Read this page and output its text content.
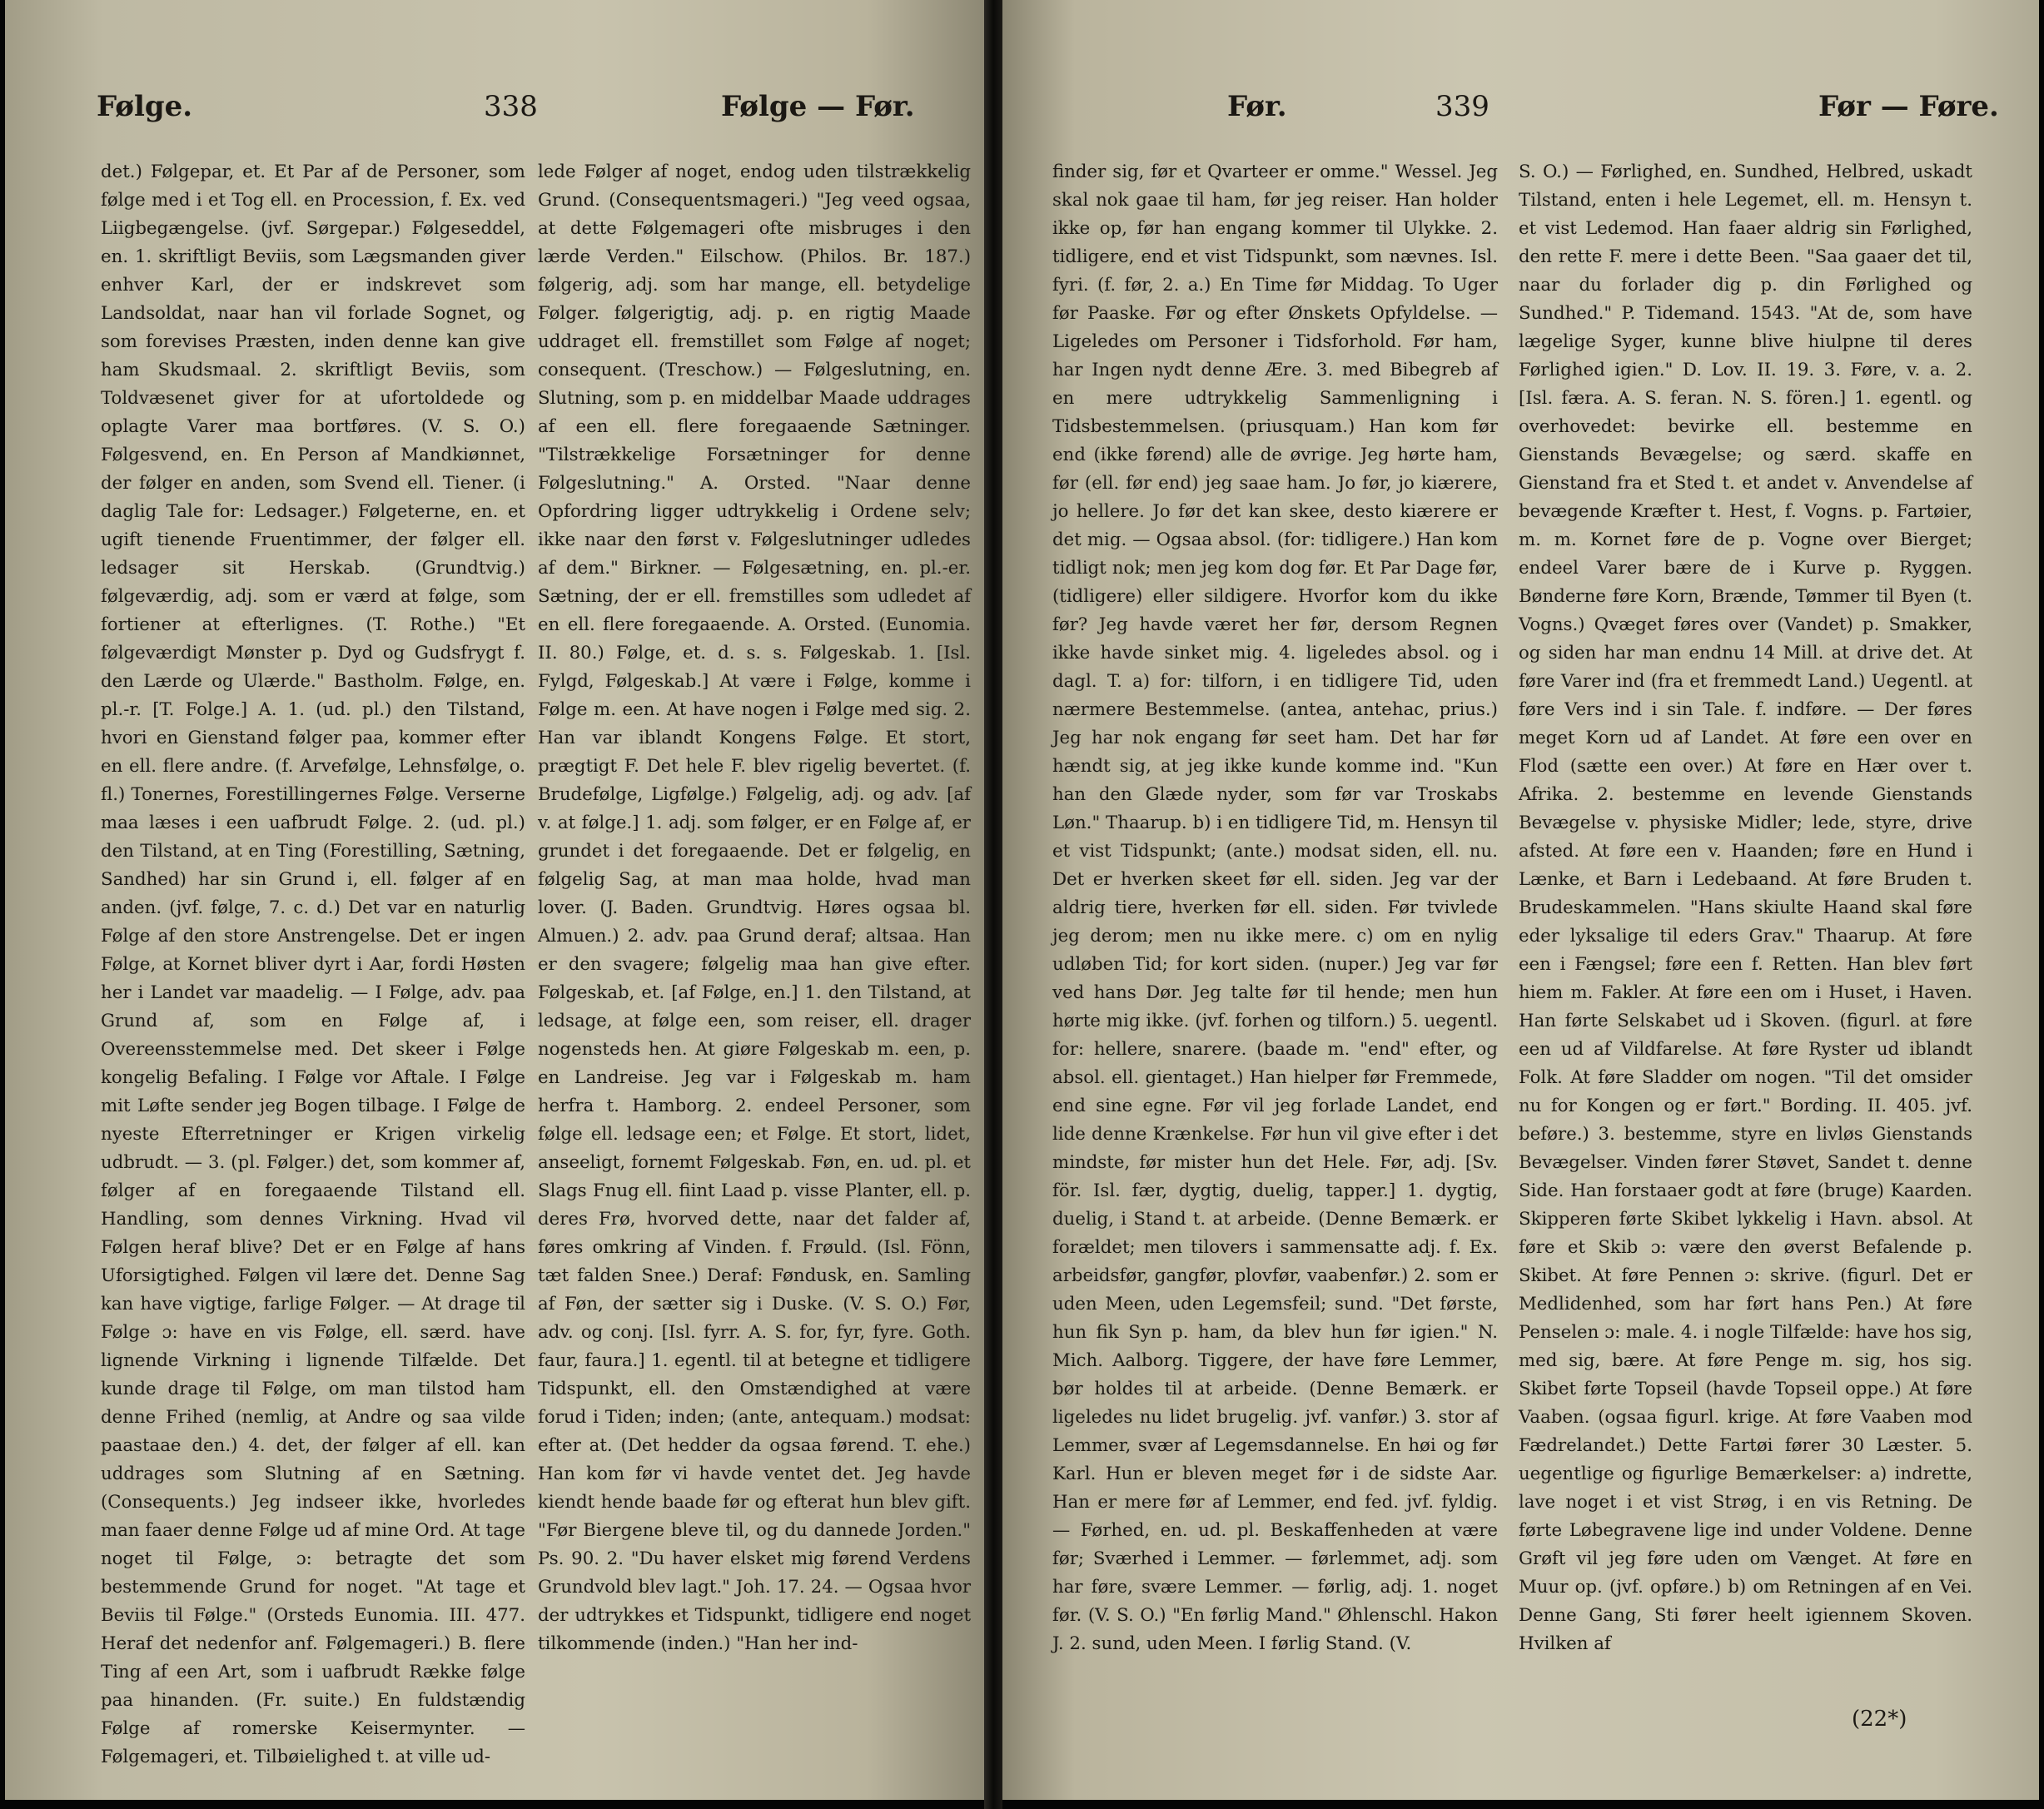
Følge.	338	Følge — Før.

det.) Følgepar, et. Et Par af de Personer, som følge med i et Tog ell. en Procession, f. Ex. ved Liigbegængelse. (jvf. Sørgepar.) Følgeseddel, en. 1. skriftligt Beviis, som Lægsmanden giver enhver Karl, der er indskrevet som Landsoldat, naar han vil forlade Sognet, og som forevises Præsten, inden denne kan give ham Skudsmaal. 2. skriftligt Beviis, som Toldvæsenet giver for at ufortoldede og oplagte Varer maa bortføres. (V. S. O.) Følgesvend, en. En Person af Mandkiønnet, der følger en anden, som Svend ell. Tiener. (i daglig Tale for: Ledsager.) Følgeterne, en. et ugift tienende Fruentimmer, der følger ell. ledsager sit Herskab. (Grundtvig.) følgeværdig, adj. som er værd at følge, som fortiener at efterlignes. (T. Rothe.) "Et følgeværdigt Mønster p. Dyd og Gudsfrygt f. den Lærde og Ulærde." Bastholm. Følge, en. pl.-r. [T. Folge.] A. 1. (ud. pl.) den Tilstand, hvori en Gienstand følger paa, kommer efter en ell. flere andre. (f. Arvefølge, Lehnsfølge, o. fl.) Tonernes, Forestillingernes Følge. Verserne maa læses i een uafbrudt Følge. 2. (ud. pl.) den Tilstand, at en Ting (Forestilling, Sætning, Sandhed) har sin Grund i, ell. følger af en anden. (jvf. følge, 7. c. d.) Det var en naturlig Følge af den store Anstrengelse. Det er ingen Følge, at Kornet bliver dyrt i Aar, fordi Høsten her i Landet var maadelig. — I Følge, adv. paa Grund af, som en Følge af, i Overeensstemmelse med. Det skeer i Følge kongelig Befaling. I Følge vor Aftale. I Følge mit Løfte sender jeg Bogen tilbage. I Følge de nyeste Efterretninger er Krigen virkelig udbrudt. — 3. (pl. Følger.) det, som kommer af, følger af en foregaaende Tilstand ell. Handling, som dennes Virkning. Hvad vil Følgen heraf blive? Det er en Følge af hans Uforsigtighed. Følgen vil lære det. Denne Sag kan have vigtige, farlige Følger. — At drage til Følge ɔ: have en vis Følge, ell. særd. have lignende Virkning i lignende Tilfælde. Det kunde drage til Følge, om man tilstod ham denne Frihed (nemlig, at Andre og saa vilde paastaae den.) 4. det, der følger af ell. kan uddrages som Slutning af en Sætning. (Consequents.) Jeg indseer ikke, hvorledes man faaer denne Følge ud af mine Ord. At tage noget til Følge, ɔ: betragte det som bestemmende Grund for noget. "At tage et Beviis til Følge." (Orsteds Eunomia. III. 477. Heraf det nedenfor anf. Følgemageri.) B. flere Ting af een Art, som i uafbrudt Række følge paa hinanden. (Fr. suite.) En fuldstændig Følge af romerske Keisermynter. — Følgemageri, et. Tilbøielighed t. at ville ud-

lede Følger af noget, endog uden tilstrækkelig Grund. (Consequentsmageri.) "Jeg veed ogsaa, at dette Følgemageri ofte misbruges i den lærde Verden." Eilschow. (Philos. Br. 187.) følgerig, adj. som har mange, ell. betydelige Følger. følgerigtig, adj. p. en rigtig Maade uddraget ell. fremstillet som Følge af noget; consequent. (Treschow.) — Følgeslutning, en. Slutning, som p. en middelbar Maade uddrages af een ell. flere foregaaende Sætninger. "Tilstrækkelige Forsætninger for denne Følgeslutning." A. Orsted. "Naar denne Opfordring ligger udtrykkelig i Ordene selv; ikke naar den først v. Følgeslutninger udledes af dem." Birkner. — Følgesætning, en. pl.-er. Sætning, der er ell. fremstilles som udledet af en ell. flere foregaaende. A. Orsted. (Eunomia. II. 80.) Følge, et. d. s. s. Følgeskab. 1. [Isl. Fylgd, Følgeskab.] At være i Følge, komme i Følge m. een. At have nogen i Følge med sig. 2. Han var iblandt Kongens Følge. Et stort, prægtigt F. Det hele F. blev rigelig bevertet. (f. Brudefølge, Ligfølge.) Følgelig, adj. og adv. [af v. at følge.] 1. adj. som følger, er en Følge af, er grundet i det foregaaende. Det er følgelig, en følgelig Sag, at man maa holde, hvad man lover. (J. Baden. Grundtvig. Høres ogsaa bl. Almuen.) 2. adv. paa Grund deraf; altsaa. Han er den svagere; følgelig maa han give efter. Følgeskab, et. [af Følge, en.] 1. den Tilstand, at ledsage, at følge een, som reiser, ell. drager nogensteds hen. At giøre Følgeskab m. een, p. en Landreise. Jeg var i Følgeskab m. ham herfra t. Hamborg. 2. endeel Personer, som følge ell. ledsage een; et Følge. Et stort, lidet, anseeligt, fornemt Følgeskab. Føn, en. ud. pl. et Slags Fnug ell. fiint Laad p. visse Planter, ell. p. deres Frø, hvorved dette, naar det falder af, føres omkring af Vinden. f. Frøuld. (Isl. Fönn, tæt falden Snee.) Deraf: Føndusk, en. Samling af Føn, der sætter sig i Duske. (V. S. O.) Før, adv. og conj. [Isl. fyrr. A. S. for, fyr, fyre. Goth. faur, faura.] 1. egentl. til at betegne et tidligere Tidspunkt, ell. den Omstændighed at være forud i Tiden; inden; (ante, antequam.) modsat: efter at. (Det hedder da ogsaa førend. T. ehe.) Han kom før vi havde ventet det. Jeg havde kiendt hende baade før og efterat hun blev gift. "Før Biergene bleve til, og du dannede Jorden." Ps. 90. 2. "Du haver elsket mig førend Verdens Grundvold blev lagt." Joh. 17. 24. — Ogsaa hvor der udtrykkes et Tidspunkt, tidligere end noget tilkommende (inden.) "Han her ind-

Før.	339	Før — Føre.

finder sig, før et Qvarteer er omme." Wessel. Jeg skal nok gaae til ham, før jeg reiser. Han holder ikke op, før han engang kommer til Ulykke. 2. tidligere, end et vist Tidspunkt, som nævnes. Isl. fyri. (f. før, 2. a.) En Time før Middag. To Uger før Paaske. Før og efter Ønskets Opfyldelse. — Ligeledes om Personer i Tidsforhold. Før ham, har Ingen nydt denne Ære. 3. med Bibegreb af en mere udtrykkelig Sammenligning i Tidsbestemmelsen. (priusquam.) Han kom før end (ikke førend) alle de øvrige. Jeg hørte ham, før (ell. før end) jeg saae ham. Jo før, jo kiærere, jo hellere. Jo før det kan skee, desto kiærere er det mig. — Ogsaa absol. (for: tidligere.) Han kom tidligt nok; men jeg kom dog før. Et Par Dage før, (tidligere) eller sildigere. Hvorfor kom du ikke før? Jeg havde været her før, dersom Regnen ikke havde sinket mig. 4. ligeledes absol. og i dagl. T. a) for: tilforn, i en tidligere Tid, uden nærmere Bestemmelse. (antea, antehac, prius.) Jeg har nok engang før seet ham. Det har før hændt sig, at jeg ikke kunde komme ind. "Kun han den Glæde nyder, som før var Troskabs Løn." Thaarup. b) i en tidligere Tid, m. Hensyn til et vist Tidspunkt; (ante.) modsat siden, ell. nu. Det er hverken skeet før ell. siden. Jeg var der aldrig tiere, hverken før ell. siden. Før tvivlede jeg derom; men nu ikke mere. c) om en nylig udløben Tid; for kort siden. (nuper.) Jeg var før ved hans Dør. Jeg talte før til hende; men hun hørte mig ikke. (jvf. forhen og tilforn.) 5. uegentl. for: hellere, snarere. (baade m. "end" efter, og absol. ell. gientaget.) Han hielper før Fremmede, end sine egne. Før vil jeg forlade Landet, end lide denne Krænkelse. Før hun vil give efter i det mindste, før mister hun det Hele. Før, adj. [Sv. för. Isl. fær, dygtig, duelig, tapper.] 1. dygtig, duelig, i Stand t. at arbeide. (Denne Bemærk. er forældet; men tilovers i sammensatte adj. f. Ex. arbeidsfør, gangfør, plovfør, vaabenfør.) 2. som er uden Meen, uden Legemsfeil; sund. "Det første, hun fik Syn p. ham, da blev hun før igien." N. Mich. Aalborg. Tiggere, der have føre Lemmer, bør holdes til at arbeide. (Denne Bemærk. er ligeledes nu lidet brugelig. jvf. vanfør.) 3. stor af Lemmer, svær af Legemsdannelse. En høi og før Karl. Hun er bleven meget før i de sidste Aar. Han er mere før af Lemmer, end fed. jvf. fyldig. — Førhed, en. ud. pl. Beskaffenheden at være før; Sværhed i Lemmer. — førlemmet, adj. som har føre, svære Lemmer. — førlig, adj. 1. noget før. (V. S. O.) "En førlig Mand." Øhlenschl. Hakon J. 2. sund, uden Meen. I førlig Stand. (V.

S. O.) — Førlighed, en. Sundhed, Helbred, uskadt Tilstand, enten i hele Legemet, ell. m. Hensyn t. et vist Ledemod. Han faaer aldrig sin Førlighed, den rette F. mere i dette Been. "Saa gaaer det til, naar du forlader dig p. din Førlighed og Sundhed." P. Tidemand. 1543. "At de, som have lægelige Syger, kunne blive hiulpne til deres Førlighed igien." D. Lov. II. 19. 3. Føre, v. a. 2. [Isl. færa. A. S. feran. N. S. fören.] 1. egentl. og overhovedet: bevirke ell. bestemme en Gienstands Bevægelse; og særd. skaffe en Gienstand fra et Sted t. et andet v. Anvendelse af bevægende Kræfter t. Hest, f. Vogns. p. Fartøier, m. m. Kornet føre de p. Vogne over Bierget; endeel Varer bære de i Kurve p. Ryggen. Bønderne føre Korn, Brænde, Tømmer til Byen (t. Vogns.) Qvæget føres over (Vandet) p. Smakker, og siden har man endnu 14 Mill. at drive det. At føre Varer ind (fra et fremmedt Land.) Uegentl. at føre Vers ind i sin Tale. f. indføre. — Der føres meget Korn ud af Landet. At føre een over en Flod (sætte een over.) At føre en Hær over t. Afrika. 2. bestemme en levende Gienstands Bevægelse v. physiske Midler; lede, styre, drive afsted. At føre een v. Haanden; føre en Hund i Lænke, et Barn i Ledebaand. At føre Bruden t. Brudeskammelen. "Hans skiulte Haand skal føre eder lyksalige til eders Grav." Thaarup. At føre een i Fængsel; føre een f. Retten. Han blev ført hiem m. Fakler. At føre een om i Huset, i Haven. Han førte Selskabet ud i Skoven. (figurl. at føre een ud af Vildfarelse. At føre Ryster ud iblandt Folk. At føre Sladder om nogen. "Til det omsider nu for Kongen og er ført." Bording. II. 405. jvf. beføre.) 3. bestemme, styre en livløs Gienstands Bevægelser. Vinden fører Støvet, Sandet t. denne Side. Han forstaaer godt at føre (bruge) Kaarden. Skipperen førte Skibet lykkelig i Havn. absol. At føre et Skib ɔ: være den øverst Befalende p. Skibet. At føre Pennen ɔ: skrive. (figurl. Det er Medlidenhed, som har ført hans Pen.) At føre Penselen ɔ: male. 4. i nogle Tilfælde: have hos sig, med sig, bære. At føre Penge m. sig, hos sig. Skibet førte Topseil (havde Topseil oppe.) At føre Vaaben. (ogsaa figurl. krige. At føre Vaaben mod Fædrelandet.) Dette Fartøi fører 30 Læster. 5. uegentlige og figurlige Bemærkelser: a) indrette, lave noget i et vist Strøg, i en vis Retning. De førte Løbegravene lige ind under Voldene. Denne Grøft vil jeg føre uden om Vænget. At føre en Muur op. (jvf. opføre.) b) om Retningen af en Vei. Denne Gang, Sti fører heelt igiennem Skoven. Hvilken af

(22*)
